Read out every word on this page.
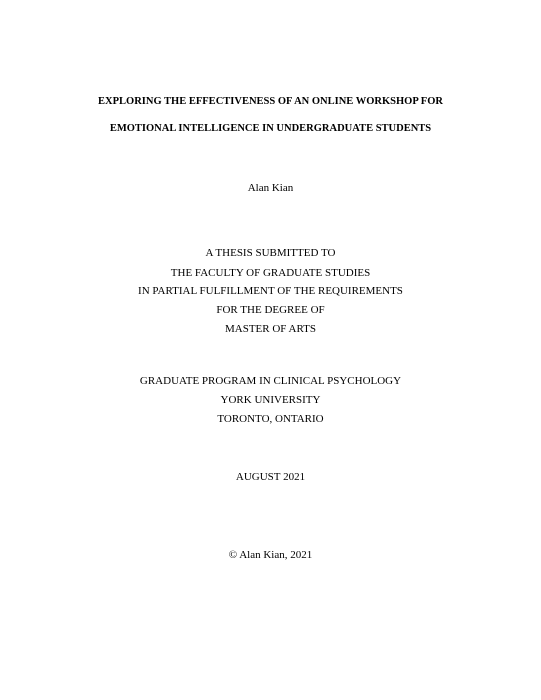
EXPLORING THE EFFECTIVENESS OF AN ONLINE WORKSHOP FOR
EMOTIONAL INTELLIGENCE IN UNDERGRADUATE STUDENTS
Alan Kian
A THESIS SUBMITTED TO
THE FACULTY OF GRADUATE STUDIES
IN PARTIAL FULFILLMENT OF THE REQUIREMENTS
FOR THE DEGREE OF
MASTER OF ARTS
GRADUATE PROGRAM IN CLINICAL PSYCHOLOGY
YORK UNIVERSITY
TORONTO, ONTARIO
AUGUST 2021
© Alan Kian, 2021
